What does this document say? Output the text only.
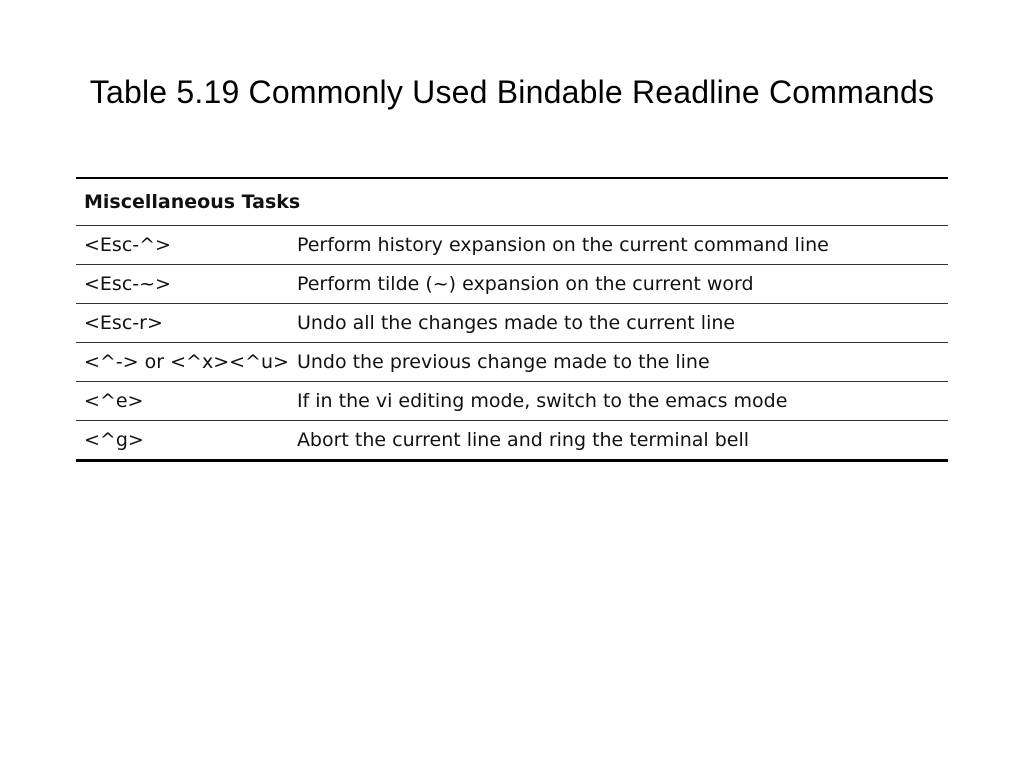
Table 5.19 Commonly Used Bindable Readline Commands
Miscellaneous Tasks	
<Esc-^>	Perform history expansion on the current command line
<Esc-~>	Perform tilde (~) expansion on the current word
<Esc-r>	Undo all the changes made to the current line
<^-> or <^x><^u>	Undo the previous change made to the line
<^e>	If in the vi editing mode, switch to the emacs mode
<^g>	Abort the current line and ring the terminal bell
